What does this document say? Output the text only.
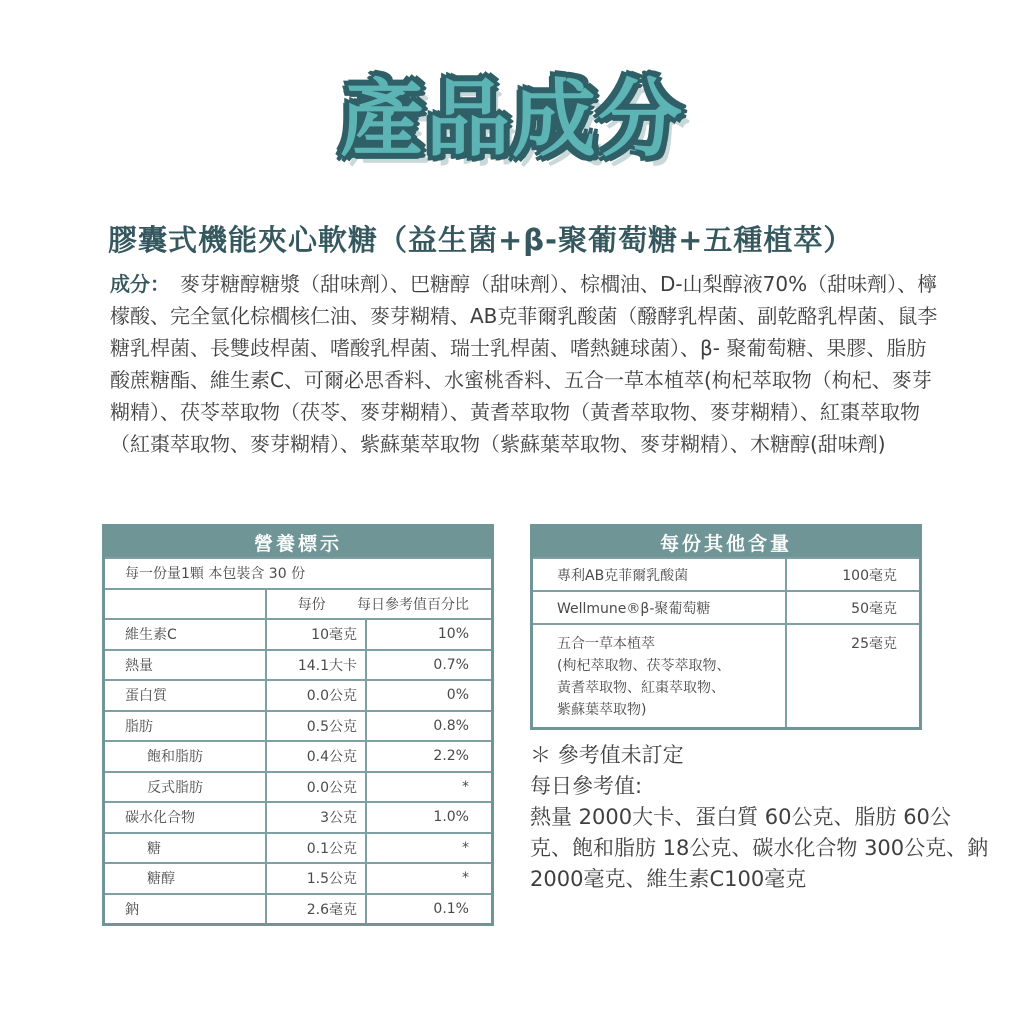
產品成分
膠囊式機能夾心軟糖（益生菌+β-聚葡萄糖+五種植萃）
成分： 麥芽糖醇糖漿（甜味劑）、巴糖醇（甜味劑）、棕櫚油、D-山梨醇液70%（甜味劑）、檸檬酸、完全氫化棕櫚核仁油、麥芽糊精、AB克菲爾乳酸菌（醱酵乳桿菌、副乾酪乳桿菌、鼠李糖乳桿菌、長雙歧桿菌、嗜酸乳桿菌、瑞士乳桿菌、嗜熱鏈球菌）、β- 聚葡萄糖、果膠、脂肪酸蔗糖酯、維生素C、可爾必思香料、水蜜桃香料、五合一草本植萃(枸杞萃取物（枸杞、麥芽糊精）、茯苓萃取物（茯苓、麥芽糊精）、黃耆萃取物（黃耆萃取物、麥芽糊精）、紅棗萃取物（紅棗萃取物、麥芽糊精）、紫蘇葉萃取物（紫蘇葉萃取物、麥芽糊精）、木糖醇(甜味劑)
營養標示		
每一份量1顆 本包裝含 30 份		
	每份 每日參考值百分比	
維生素C	10毫克	10%
熱量	14.1大卡	0.7%
蛋白質	0.0公克	0%
脂肪	0.5公克	0.8%
飽和脂肪	0.4公克	2.2%
反式脂肪	0.0公克	*
碳水化合物	3公克	1.0%
糖	0.1公克	*
糖醇	1.5公克	*
鈉	2.6毫克	0.1%
每份其他含量	
專利AB克菲爾乳酸菌	100毫克
Wellmune®β-聚葡萄糖	50毫克

五合一草本植萃
(枸杞萃取物、茯苓萃取物、
黃耆萃取物、紅棗萃取物、
紫蘇葉萃取物)	25毫克
＊ 參考值未訂定
每日參考值:
熱量 2000大卡、蛋白質 60公克、脂肪 60公克、飽和脂肪 18公克、碳水化合物 300公克、鈉 2000毫克、維生素C100毫克
